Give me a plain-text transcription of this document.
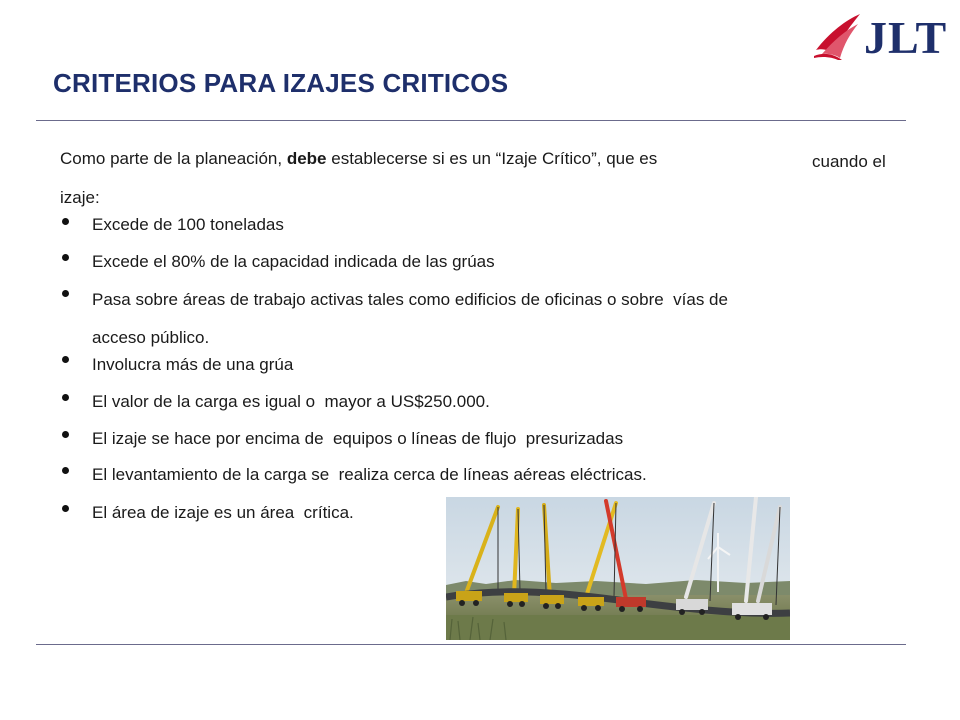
JLT
CRITERIOS PARA IZAJES CRITICOS
Como parte de la planeación, debe establecerse si es un “Izaje Crítico”, que es	cuando el
izaje:
Excede de 100 toneladas
Excede el 80% de la capacidad indicada de las grúas
Pasa sobre áreas de trabajo activas tales como edificios de oficinas o sobre  vías de
acceso público.
Involucra más de una grúa
El valor de la carga es igual o  mayor a US$250.000.
El izaje se hace por encima de  equipos o líneas de flujo  presurizadas
El levantamiento de la carga se  realiza cerca de líneas aéreas eléctricas.
El área de izaje es un área  crítica.
